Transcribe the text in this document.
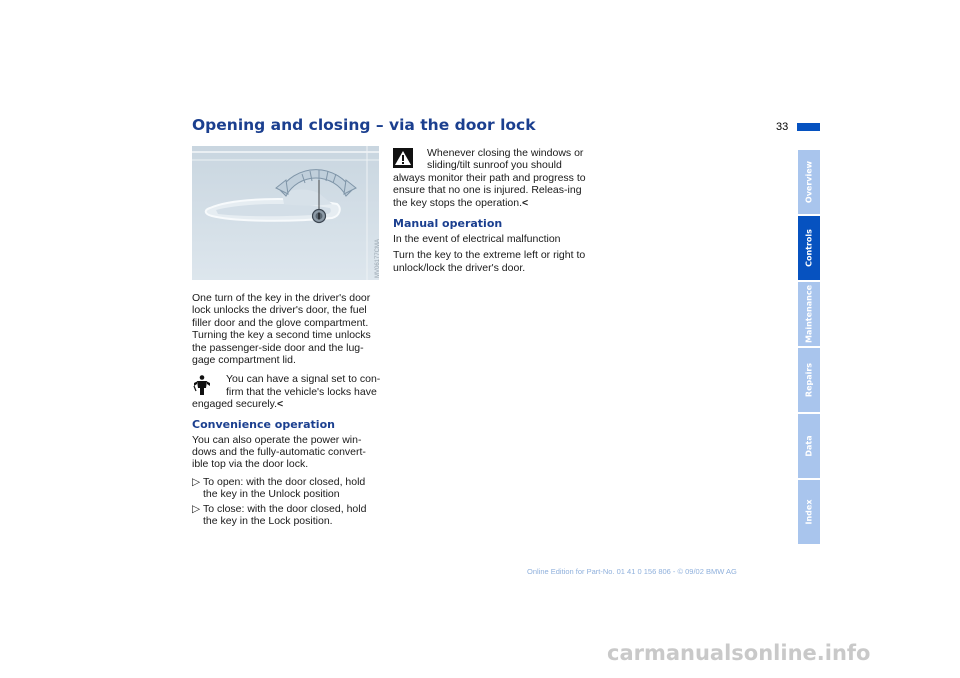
Opening and closing – via the door lock	33
MV06177CMA

One turn of the key in the driver's door lock unlocks the driver's door, the fuel filler door and the glove compartment. Turning the key a second time unlocks the passenger-side door and the lug-gage compartment lid.

You can have a signal set to con-firm that the vehicle's locks have engaged securely.<

Convenience operation

You can also operate the power win-dows and the fully-automatic convert-ible top via the door lock.

▷ To open: with the door closed, hold the key in the Unlock position

▷ To close: with the door closed, hold the key in the Lock position.

Whenever closing the windows or sliding/tilt sunroof you should always monitor their path and progress to ensure that no one is injured. Releas-ing the key stops the operation.<

Manual operation

In the event of electrical malfunction

Turn the key to the extreme left or right to unlock/lock the driver's door.

Overview
Controls
Maintenance
Repairs
Data
Index
Online Edition for Part-No. 01 41 0 156 806 - © 09/02 BMW AG
carmanualsonline.info
